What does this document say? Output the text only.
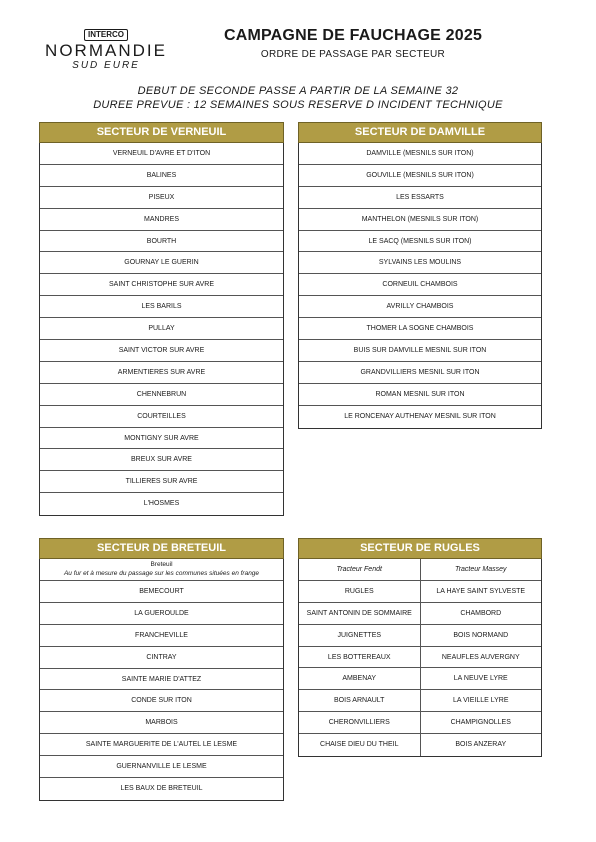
INTERCO
NORMANDIE
SUD EURE
CAMPAGNE DE FAUCHAGE 2025
ORDRE DE PASSAGE PAR SECTEUR
DEBUT DE SECONDE PASSE A PARTIR DE LA SEMAINE 32
DUREE PREVUE : 12 SEMAINES SOUS RESERVE D INCIDENT TECHNIQUE
SECTEUR DE VERNEUIL
VERNEUIL D'AVRE ET D'ITON
BALINES
PISEUX
MANDRES
BOURTH
GOURNAY LE GUERIN
SAINT CHRISTOPHE SUR AVRE
LES BARILS
PULLAY
SAINT VICTOR SUR AVRE
ARMENTIERES SUR AVRE
CHENNEBRUN
COURTEILLES
MONTIGNY SUR AVRE
BREUX SUR AVRE
TILLIERES SUR AVRE
L'HOSMES
SECTEUR DE DAMVILLE
DAMVILLE (MESNILS SUR ITON)
GOUVILLE (MESNILS SUR ITON)
LES ESSARTS
MANTHELON (MESNILS SUR ITON)
LE SACQ (MESNILS SUR ITON)
SYLVAINS LES MOULINS
CORNEUIL CHAMBOIS
AVRILLY CHAMBOIS
THOMER LA SOGNE CHAMBOIS
BUIS SUR DAMVILLE MESNIL SUR ITON
GRANDVILLIERS MESNIL SUR ITON
ROMAN MESNIL SUR ITON
LE RONCENAY AUTHENAY MESNIL SUR ITON
SECTEUR DE BRETEUIL
Breteuil
Au fur et à mesure du passage sur les communes situées en frange
BEMECOURT
LA GUEROULDE
FRANCHEVILLE
CINTRAY
SAINTE MARIE D'ATTEZ
CONDE SUR ITON
MARBOIS
SAINTE MARGUERITE DE L'AUTEL LE LESME
GUERNANVILLE LE LESME
LES BAUX DE BRETEUIL
SECTEUR DE RUGLES
Tracteur Fendt	Tracteur Massey
RUGLES	LA HAYE SAINT SYLVESTE
SAINT ANTONIN DE SOMMAIRE	CHAMBORD
JUIGNETTES	BOIS NORMAND
LES BOTTEREAUX	NEAUFLES AUVERGNY
AMBENAY	LA NEUVE LYRE
BOIS ARNAULT	LA VIEILLE LYRE
CHERONVILLIERS	CHAMPIGNOLLES
CHAISE DIEU DU THEIL	BOIS ANZERAY
